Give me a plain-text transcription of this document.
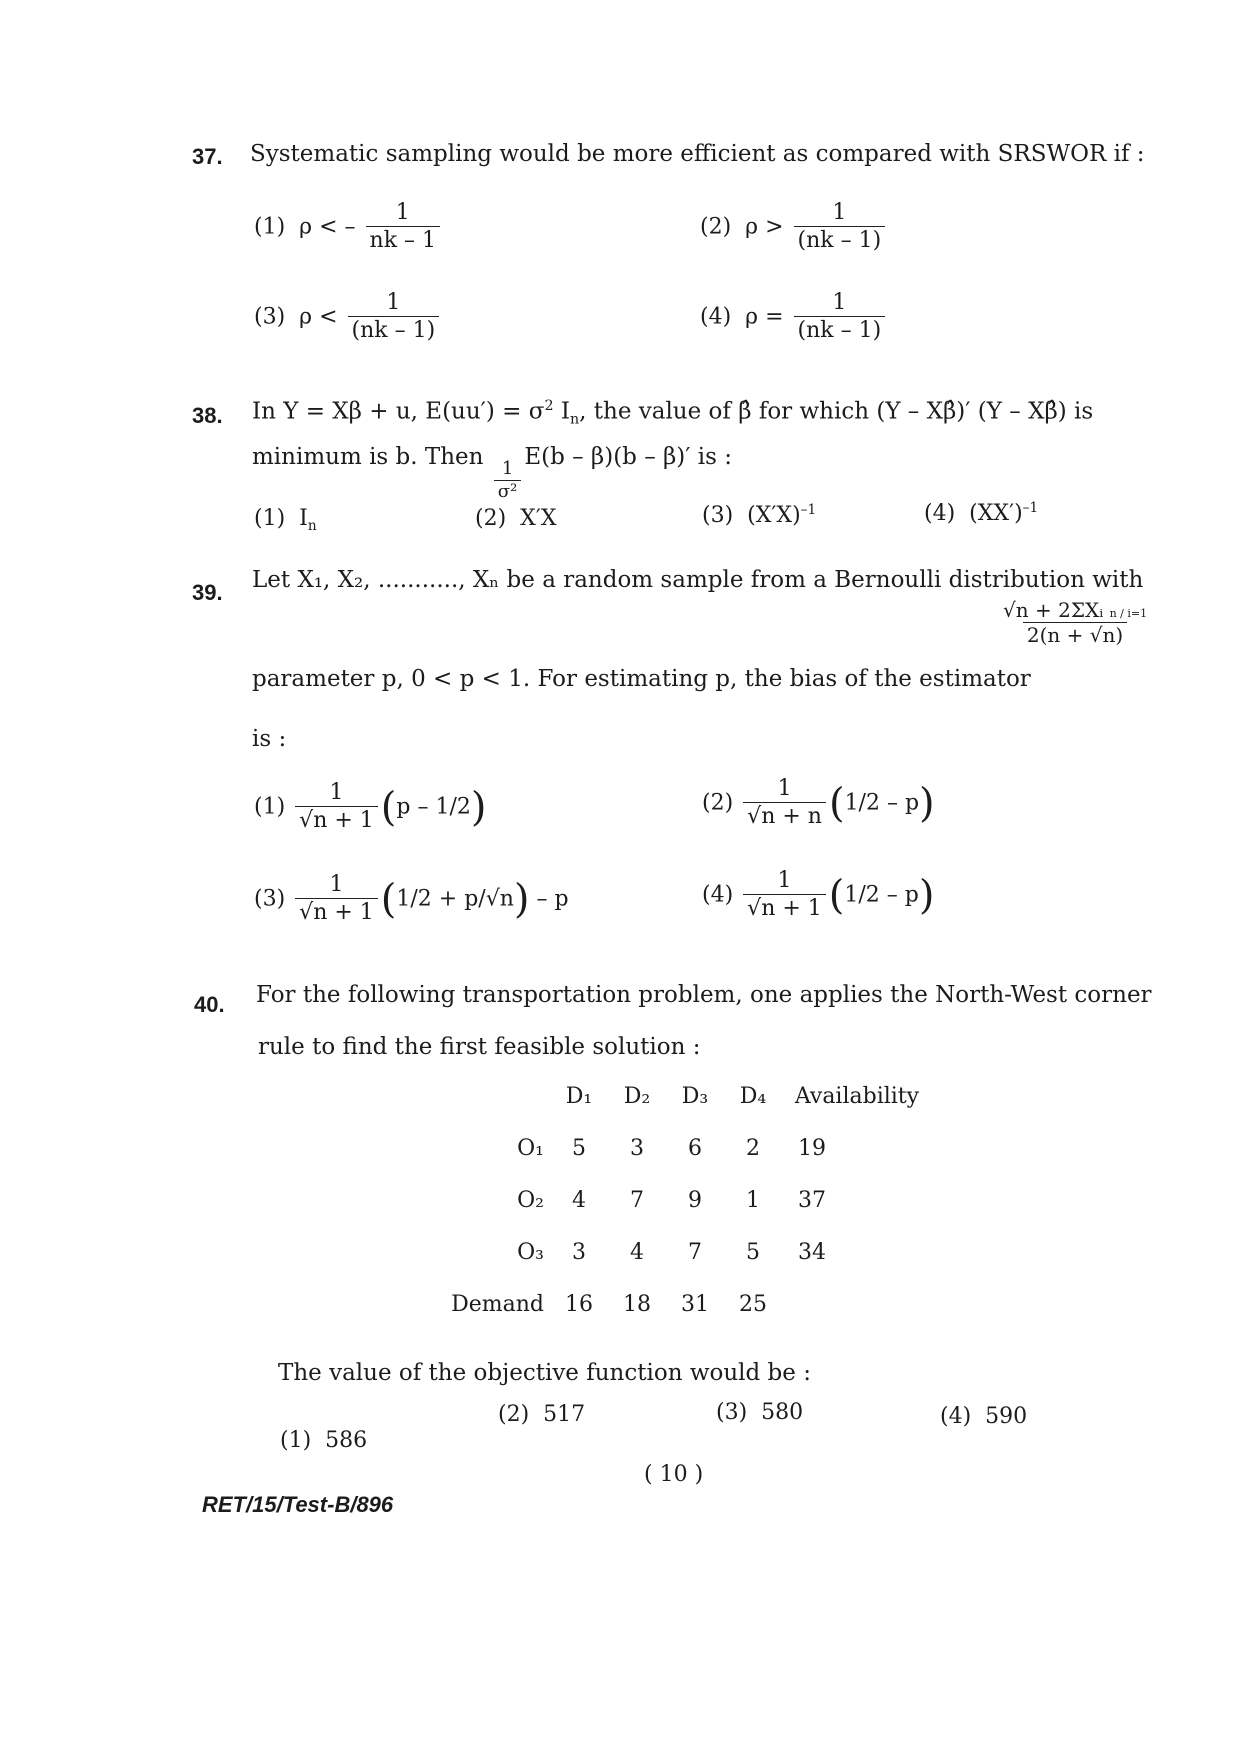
37. Systematic sampling would be more efficient as compared with SRSWOR if :
(1) ρ < – $\frac{1}{nk - 1}$	(2) $\rho > \frac{1}{(nk - 1)}$
(3) $\rho < \frac{1}{(nk - 1)}$	(4) $\rho = \frac{1}{(nk - 1)}$
38. In Y = Xβ + u, $E(uu') = \sigma^2$ $I_n$, the value of β̂ for which (Y – Xβ̂)′ (Y – Xβ̂) is
minimum is b. Then
$\frac{1}{\text{σ²}}$
E(b – β)(b – β)′ is :
(1) $I_n$	(2) X′X	(3) $(X'X)^{-1}$	(4) $(XX')^{-1}$
39. Let X₁, X₂, ..........., Xₙ be a random sample from a Bernoulli distribution with
parameter p, 0 < p < 1. For estimating p, the bias of the estimator
$\frac{\text{√n + 2ΣXᵢ n / i=1}}{2(n + √n)}$
is :
$(1) \frac{1}{√n + 1} (p - 1/2)$	$(2) \frac{1}{√n + n} (1/2 - p)$
$(3) \frac{1}{√n + 1} (1/2 + p/√n) - p$	$(4) \frac{1}{√n + 1} (1/2 - p)$
40. For the following transportation problem, one applies the North-West corner
rule to find the first feasible solution :
	D₁	D₂	D₃	D₄	Availability
O₁	5	3	6	2	19
O₂	4	7	9	1	37
O₃	3	4	7	5	34
Demand	16	18	31	25	
The value of the objective function would be :
(1) 586
(2) 517	(3) 580	(4) 590
( 10 )
RET/15/Test-B/896
